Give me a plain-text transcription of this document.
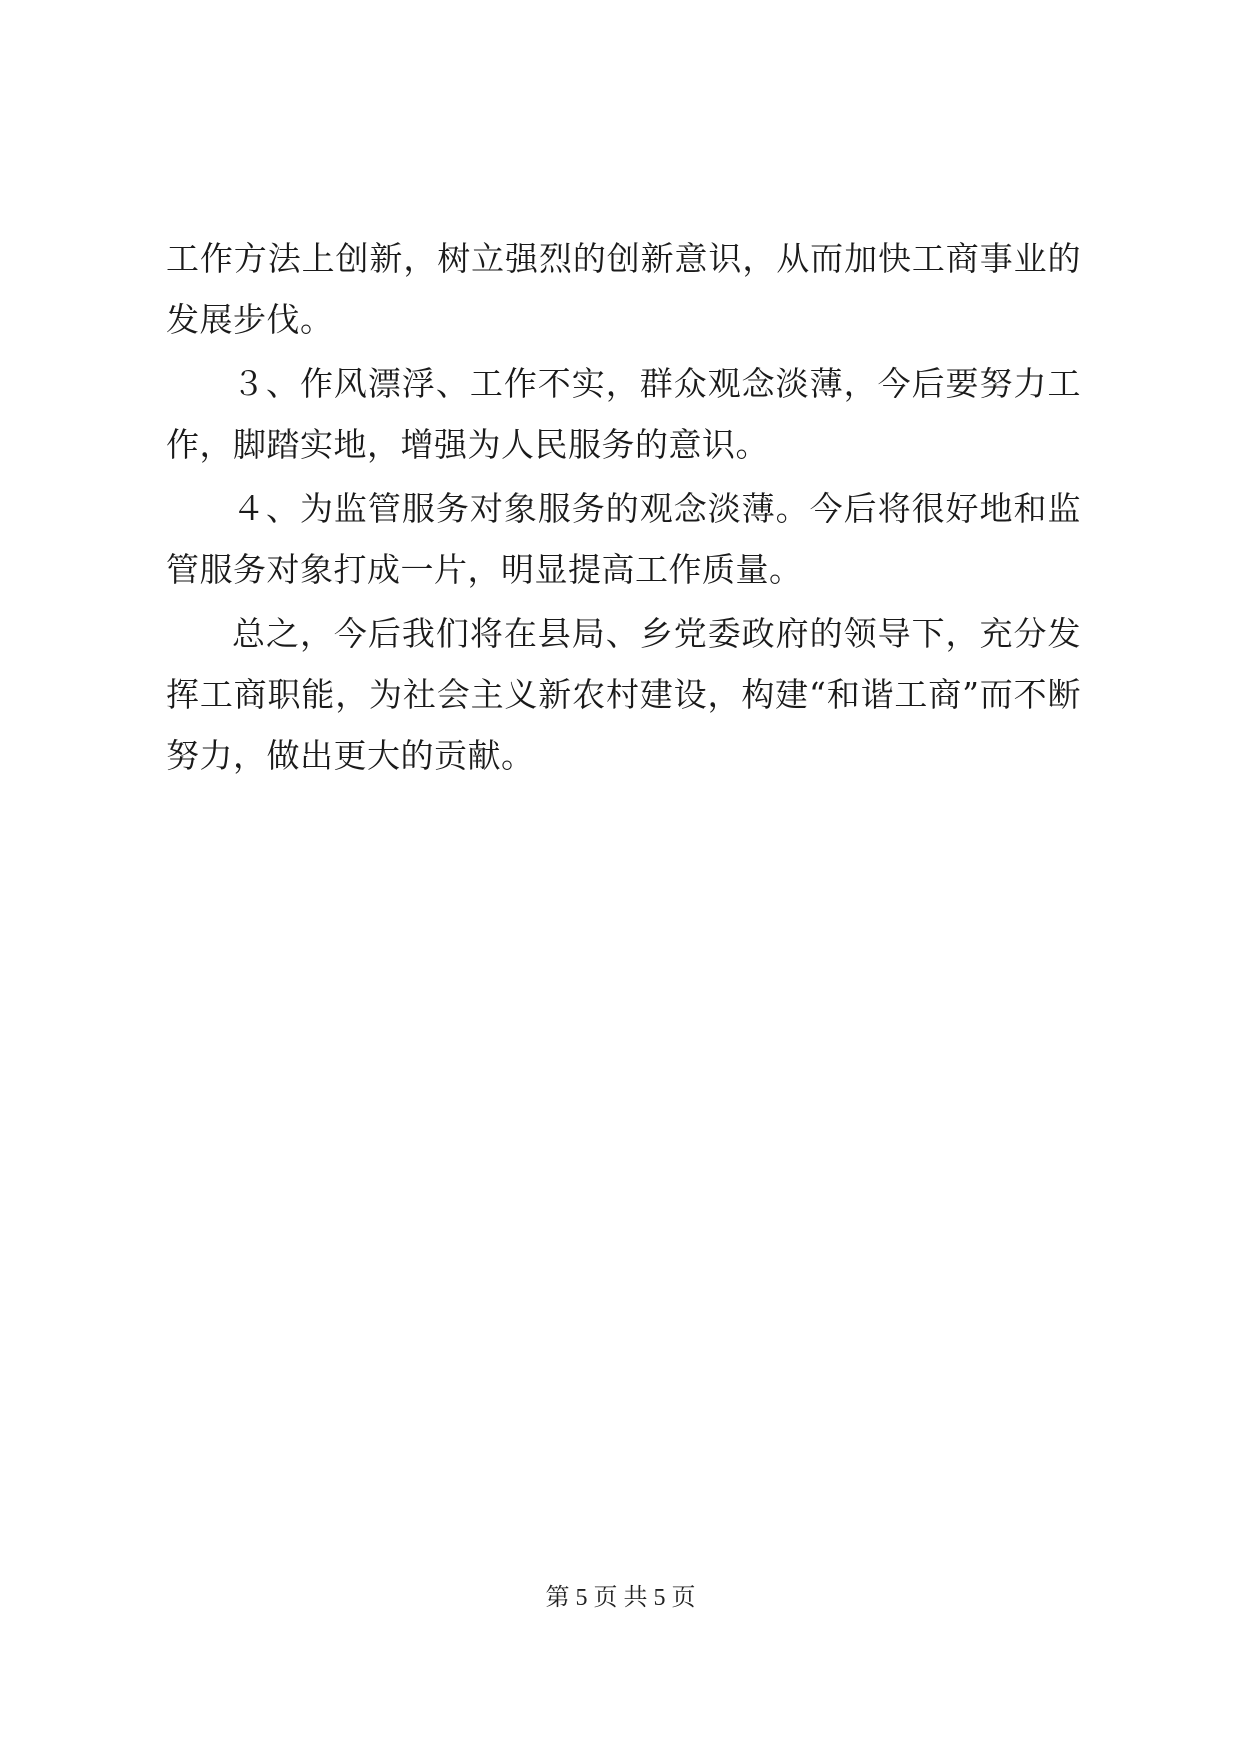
工作方法上创新，树立强烈的创新意识，从而加快工商事业的发展步伐。

３、作风漂浮、工作不实，群众观念淡薄，今后要努力工作，脚踏实地，增强为人民服务的意识。

４、为监管服务对象服务的观念淡薄。今后将很好地和监管服务对象打成一片，明显提高工作质量。

总之，今后我们将在县局、乡党委政府的领导下，充分发挥工商职能，为社会主义新农村建设，构建“和谐工商”而不断努力，做出更大的贡献。

第 5 页 共 5 页
